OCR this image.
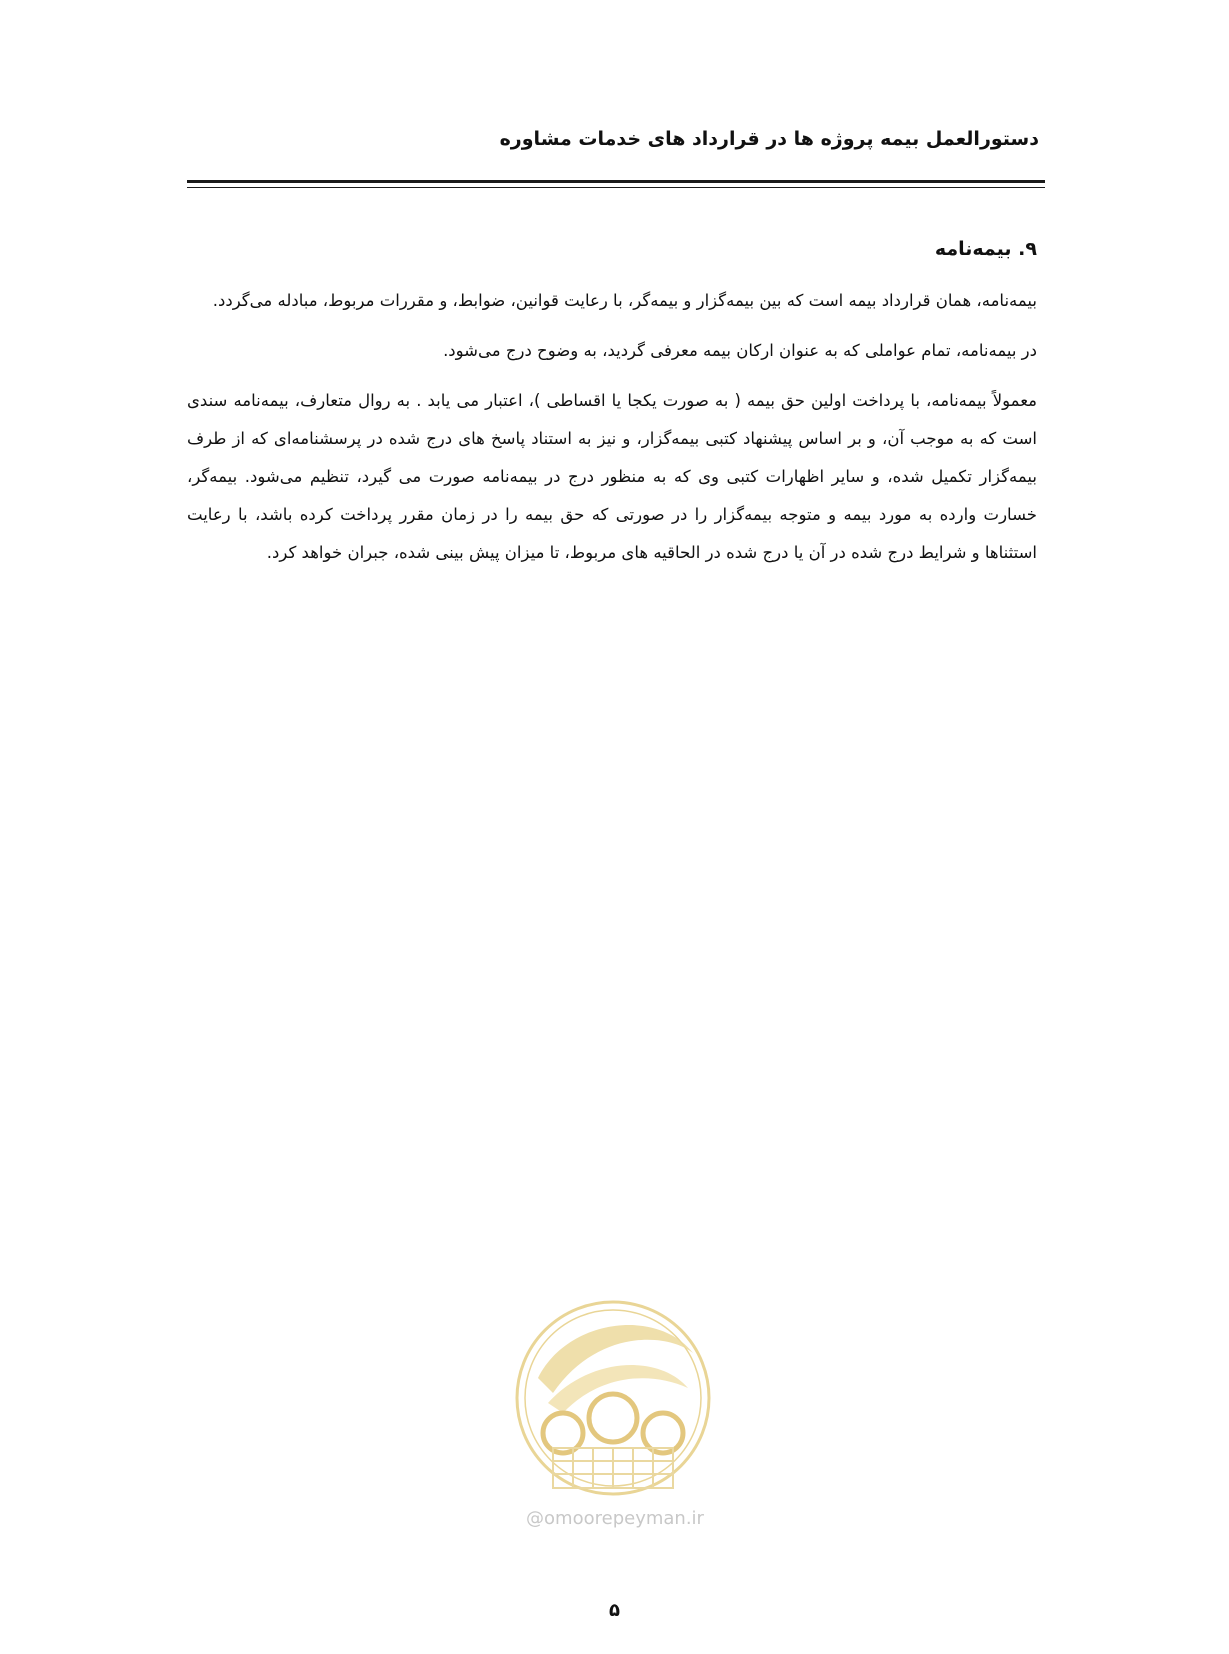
دستورالعمل بیمه پروژه ها در قرارداد های خدمات مشاوره
۹. بیمه‌نامه

بیمه‌نامه، همان قرارداد بیمه است که بین بیمه‌گزار و بیمه‌گر، با رعایت قوانین، ضوابط، و مقررات مربوط، مبادله می‌گردد.

در بیمه‌نامه، تمام عواملی که به عنوان ارکان بیمه معرفی گردید، به وضوح درج می‌شود.

معمولاً بیمه‌نامه، با پرداخت اولین حق بیمه ( به صورت یکجا یا اقساطی )، اعتبار می یابد . به روال متعارف، بیمه‌نامه سندی است که به موجب آن، و بر اساس پیشنهاد کتبی بیمه‌گزار، و نیز به استناد پاسخ های درج شده در پرسشنامه‌ای که از طرف بیمه‌گزار تکمیل شده، و سایر اظهارات کتبی وی که به منظور درج در بیمه‌نامه صورت می گیرد، تنظیم می‌شود. بیمه‌گر، خسارت وارده به مورد بیمه و متوجه بیمه‌گزار را در صورتی که حق بیمه را در زمان مقرر پرداخت کرده باشد، با رعایت استثناها و شرایط درج شده در آن یا درج شده در الحاقیه های مربوط، تا میزان پیش بینی شده، جبران خواهد کرد.

@omoorepeyman.ir
۵
